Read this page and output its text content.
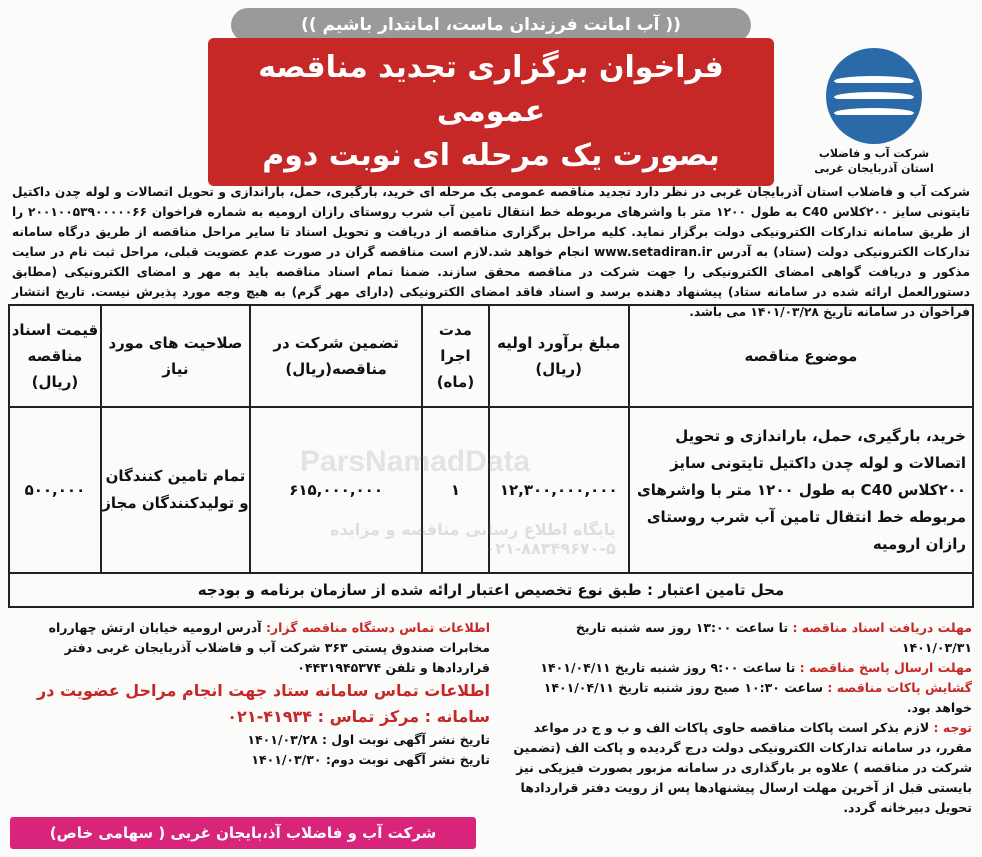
(( آب امانت فرزندان ماست، امانتدار باشیم ))
شرکت آب و فاضلاب
استان آذربایجان غربی
فراخوان برگزاری تجدید مناقصه عمومی
بصورت یک مرحله ای نوبت دوم
شرکت آب و فاضلاب استان آذربایجان غربی در نظر دارد تجدید مناقصه عمومی یک مرحله ای خرید، بارگیری، حمل، باراندازی و تحویل اتصالات و لوله چدن داکتیل تایتونی سایز ۲۰۰کلاس C40 به طول ۱۲۰۰ متر با واشرهای مربوطه خط انتقال تامین آب شرب روستای رازان ارومیه به شماره فراخوان ۲۰۰۱۰۰۵۳۹۰۰۰۰۰۶۶ را از طریق سامانه تدارکات الکترونیکی دولت برگزار نماید. کلیه مراحل برگزاری مناقصه از دریافت و تحویل اسناد تا سایر مراحل مناقصه از طریق درگاه سامانه تدارکات الکترونیکی دولت (ستاد) به آدرس www.setadiran.ir انجام خواهد شد.لازم است مناقصه گران در صورت عدم عضویت قبلی، مراحل ثبت نام در سایت مذکور و دریافت گواهی امضای الکترونیکی را جهت شرکت در مناقصه محقق سازند. ضمنا تمام اسناد مناقصه باید به مهر و امضای الکترونیکی (مطابق دستورالعمل ارائه شده در سامانه ستاد) پیشنهاد دهنده برسد و اسناد فاقد امضای الکترونیکی (دارای مهر گرم) به هیچ وجه مورد پذیرش نیست. تاریخ انتشار فراخوان در سامانه تاریخ ۱۴۰۱/۰۳/۲۸ می باشد.
موضوع مناقصه	مبلغ برآورد اولیه (ریال)	مدت اجرا (ماه)	تضمین شرکت در مناقصه(ریال)	صلاحیت های مورد نیاز	قیمت اسناد مناقصه (ریال)
خرید، بارگیری، حمل، باراندازی و تحویل اتصالات و لوله چدن داکتیل تایتونی سایز ۲۰۰کلاس C40 به طول ۱۲۰۰ متر با واشرهای مربوطه خط انتقال تامین آب شرب روستای رازان ارومیه	۱۲,۳۰۰,۰۰۰,۰۰۰	۱	۶۱۵,۰۰۰,۰۰۰	تمام تامین کنندگان و تولیدکنندگان مجاز	۵۰۰,۰۰۰
محل تامین اعتبار : طبق نوع تخصیص اعتبار ارائه شده از سازمان برنامه و بودجه					
مهلت دریافت اسناد مناقصه : تا ساعت ۱۳:۰۰ روز سه شنبه تاریخ ۱۴۰۱/۰۳/۳۱
مهلت ارسال پاسخ مناقصه : تا ساعت ۹:۰۰ روز شنبه تاریخ ۱۴۰۱/۰۴/۱۱
گشایش پاکات مناقصه : ساعت ۱۰:۳۰ صبح روز شنبه تاریخ ۱۴۰۱/۰۴/۱۱ خواهد بود.
توجه : لازم بذکر است پاکات مناقصه حاوی پاکات الف و ب و ج در مواعد مقرر، در سامانه تدارکات الکترونیکی دولت درج گردیده و پاکت الف (تضمین شرکت در مناقصه ) علاوه بر بارگذاری در سامانه مزبور بصورت فیزیکی نیز بایستی قبل از آخرین مهلت ارسال پیشنهادها پس از رویت دفتر قراردادها تحویل دبیرخانه گردد.
اطلاعات تماس دستگاه مناقصه گزار: آدرس ارومیه خیابان ارتش چهارراه مخابرات صندوق پستی ۳۶۳ شرکت آب و فاضلاب آذربایجان غربی دفتر قراردادها و تلفن ۰۴۴۳۱۹۴۵۳۷۴
اطلاعات تماس سامانه ستاد جهت انجام مراحل عضویت در سامانه : مرکز تماس : ۴۱۹۳۴-۰۲۱
تاریخ نشر آگهی نوبت اول : ۱۴۰۱/۰۳/۲۸
تاریخ نشر آگهی نوبت دوم: ۱۴۰۱/۰۳/۳۰
شرکت آب و فاضلاب آذ،بایجان غربی ( سهامی خاص)
ParsNamadData
پایگاه اطلاع رسانی مناقصه و مزایده
۰۲۱-۸۸۳۴۹۶۷۰-۵
